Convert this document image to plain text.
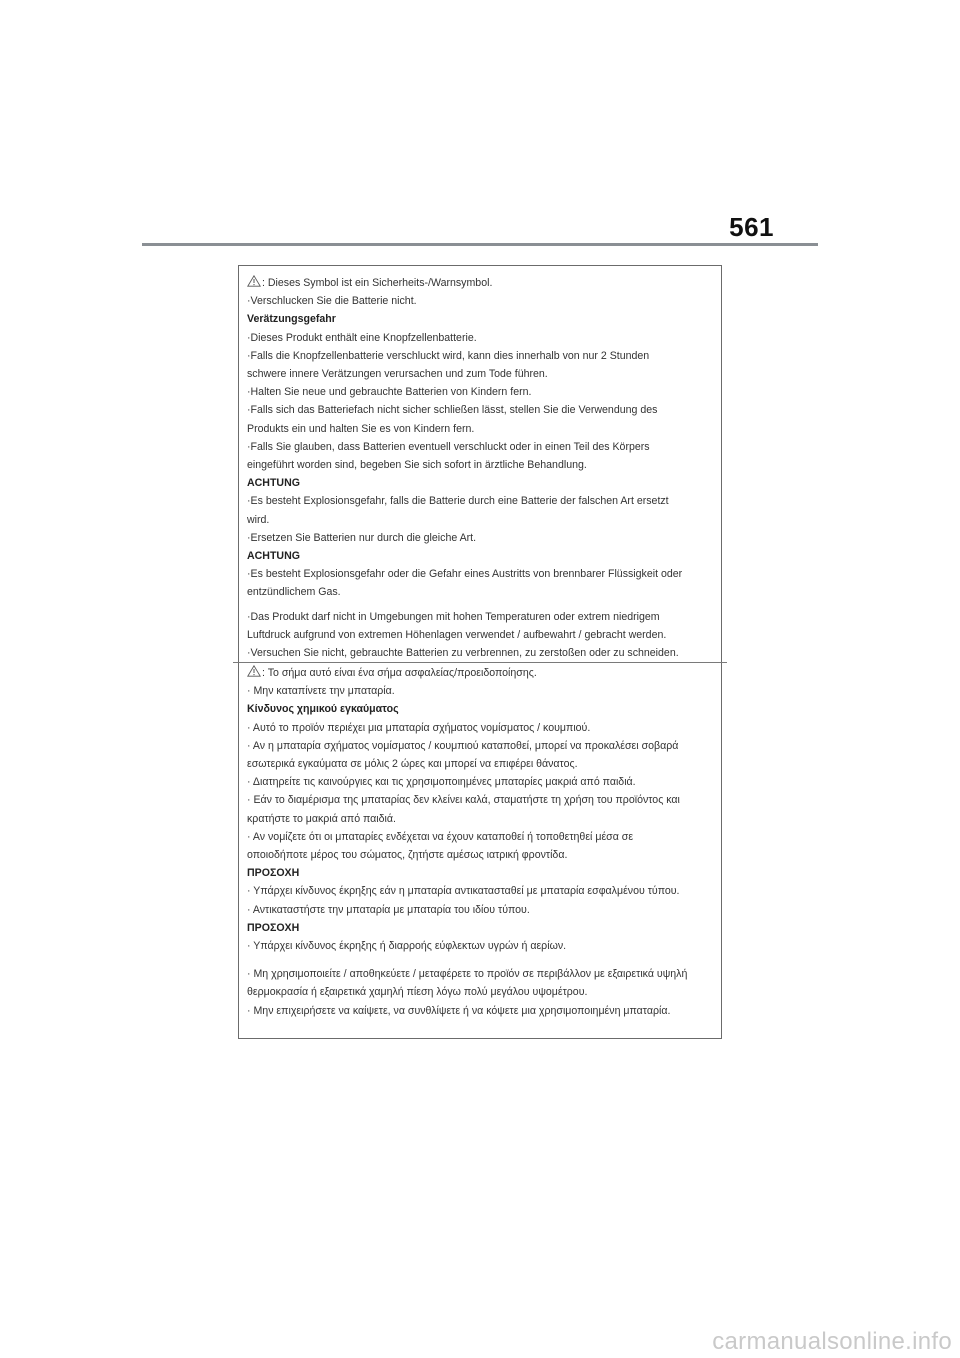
561
: Dieses Symbol ist ein Sicherheits-/Warnsymbol.
·Verschlucken Sie die Batterie nicht.
Verätzungsgefahr
·Dieses Produkt enthält eine Knopfzellenbatterie.
·Falls die Knopfzellenbatterie verschluckt wird, kann dies innerhalb von nur 2 Stunden
schwere innere Verätzungen verursachen und zum Tode führen.
·Halten Sie neue und gebrauchte Batterien von Kindern fern.
·Falls sich das Batteriefach nicht sicher schließen lässt, stellen Sie die Verwendung des
Produkts ein und halten Sie es von Kindern fern.
·Falls Sie glauben, dass Batterien eventuell verschluckt oder in einen Teil des Körpers
eingeführt worden sind, begeben Sie sich sofort in ärztliche Behandlung.
ACHTUNG
·Es besteht Explosionsgefahr, falls die Batterie durch eine Batterie der falschen Art ersetzt
wird.
·Ersetzen Sie Batterien nur durch die gleiche Art.
ACHTUNG
·Es besteht Explosionsgefahr oder die Gefahr eines Austritts von brennbarer Flüssigkeit oder
entzündlichem Gas.
·Das Produkt darf nicht in Umgebungen mit hohen Temperaturen oder extrem niedrigem
Luftdruck aufgrund von extremen Höhenlagen verwendet / aufbewahrt / gebracht werden.
·Versuchen Sie nicht, gebrauchte Batterien zu verbrennen, zu zerstoßen oder zu schneiden.
: Το σήμα αυτό είναι ένα σήμα ασφαλείας/προειδοποίησης.
· Μην καταπίνετε την μπαταρία.
Κίνδυνος χημικού εγκαύματος
· Αυτό το προϊόν περιέχει μια μπαταρία σχήματος νομίσματος / κουμπιού.
· Αν η μπαταρία σχήματος νομίσματος / κουμπιού καταποθεί, μπορεί να προκαλέσει σοβαρά
εσωτερικά εγκαύματα σε μόλις 2 ώρες και μπορεί να επιφέρει θάνατος.
· Διατηρείτε τις καινούργιες και τις χρησιμοποιημένες μπαταρίες μακριά από παιδιά.
· Εάν το διαμέρισμα της μπαταρίας δεν κλείνει καλά, σταματήστε τη χρήση του προϊόντος και
κρατήστε το μακριά από παιδιά.
· Αν νομίζετε ότι οι μπαταρίες ενδέχεται να έχουν καταποθεί ή τοποθετηθεί μέσα σε
οποιοδήποτε μέρος του σώματος, ζητήστε αμέσως ιατρική φροντίδα.
ΠΡΟΣΟΧΗ
· Υπάρχει κίνδυνος έκρηξης εάν η μπαταρία αντικατασταθεί με μπαταρία εσφαλμένου τύπου.
· Αντικαταστήστε την μπαταρία με μπαταρία του ιδίου τύπου.
ΠΡΟΣΟΧΗ
· Υπάρχει κίνδυνος έκρηξης ή διαρροής εύφλεκτων υγρών ή αερίων.
· Μη χρησιμοποιείτε / αποθηκεύετε / μεταφέρετε το προϊόν σε περιβάλλον με εξαιρετικά υψηλή
θερμοκρασία ή εξαιρετικά χαμηλή πίεση λόγω πολύ μεγάλου υψομέτρου.
· Μην επιχειρήσετε να καίψετε, να συνθλίψετε ή να κόψετε μια χρησιμοποιημένη μπαταρία.
carmanualsonline.info
